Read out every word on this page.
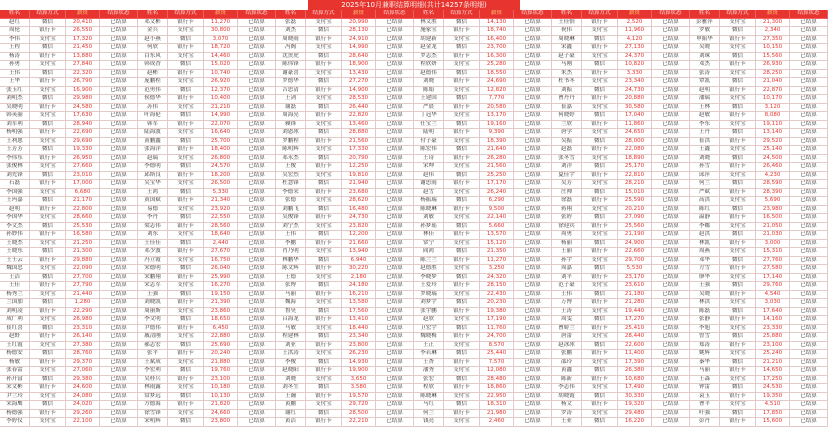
2025年10月兼职结算明细(共计14257条明细)
姓名	结算方式	薪资	结算状态
赵红	微信	20,410	已结算
周伦	银行卡	26,550	已结算
李伟	支付宝	17,320	已结算
王程	微信	21,450	已结算
杨涛	银行卡	13,880	已结算
孙勇	支付宝	27,840	已结算
王伟	微信	22,320	已结算
王华	银行卡	26,790	已结算
张玉红	支付宝	16,900	已结算
刘明杰	微信	29,980	已结算
吴晓明	银行卡	24,580	已结算
韩英丽	支付宝	17,630	已结算
刘军利	微信	28,940	已结算
杨明强	银行卡	22,690	已结算
王利恩	支付宝	29,690	已结算
王芳芳	微信	19,330	已结算
李伟东	银行卡	26,950	已结算
张俊林	支付宝	27,660	已结算
刘先锋	微信	23,010	已结算
石磊	银行卡	17,000	已结算
李国强	支付宝	6,680	已结算
王玛嘉	微信	21,170	已结算
赵明	银行卡	22,800	已结算
李国华	支付宝	28,660	已结算
李文杰	微信	25,530	已结算
孙妙伟	银行卡	16,580	已结算
王晓杰	支付宝	21,250	已结算
王晓东	微信	21,300	已结算
王壬云	银行卡	29,880	已结算
魏国忠	支付宝	22,090	已结算
王洁	微信	27,700	已结算
王佳	银行卡	27,790	已结算
杨秀兰	支付宝	21,440	已结算
兰国加	微信	1,280	已结算
刘明凌	银行卡	22,290	已结算
成广利	支付宝	26,980	已结算
崔红喜	微信	23,310	已结算
赵野	银行卡	26,140	已结算
王红霞	支付宝	27,380	已结算
杨德安	微信	28,760	已结算
杨敏	银行卡	29,370	已结算
张春雷	支付宝	27,060	已结算
孙开富	微信	29,380	已结算
宋文彬	银行卡	24,600	已结算
尹兰玲	支付宝	24,080	已结算
宋海鹰	微信	24,020	已结算
杨德强	银行卡	29,260	已结算
李婷仪	支付宝	22,100	已结算
姓名	结算方式	薪资	结算状态
邓文彬	银行卡	11,270	已结算
金兵	支付宝	30,800	已结算
赵小燕	微信	3,070	已结算
何欣	银行卡	18,720	已结算
白东风	支付宝	14,460	已结算
韩成香	微信	15,020	已结算
赵彬	银行卡	10,740	已结算
庞鹏程	支付宝	26,920	已结算
范勇伟	微信	12,370	已结算
侯德华	银行卡	10,400	已结算
苏伟	支付宝	21,210	已结算
叶海伦	微信	14,990	已结算
韩军	银行卡	22,070	已结算
陆海波	支付宝	16,640	已结算
黄鹏鑫	微信	25,700	已结算
张海洋	银行卡	18,400	已结算
赵瑞	支付宝	26,800	已结算
李德明	微信	24,570	已结算
邱斯良	银行卡	18,200	已结算
吴宝华	支付宝	26,500	已结算
王鸿	微信	5,330	已结算
黄国斌	银行卡	21,340	已结算
易德	支付宝	23,920	已结算
李丹	微信	22,550	已结算
梁志伟	银行卡	28,560	已结算
刘东	支付宝	18,640	已结算
王佳佳	微信	2,440	已结算
邓少波	银行卡	27,670	已结算
冯立霞	支付宝	16,750	已结算
宋德明	微信	26,040	已结算
宋鹏翔	银行卡	25,990	已结算
宋志军	支付宝	16,270	已结算
王强	微信	19,150	已结算
刘晓凯	银行卡	21,390	已结算
周丽斯	支付宝	23,860	已结算
李文明	微信	18,650	已结算
尹德伟	银行卡	6,450	已结算
戚清刚	支付宝	22,880	已结算
郝志宏	微信	25,690	已结算
张平	银行卡	20,240	已结算
王斌成	支付宝	21,880	已结算
李宏利	微信	19,760	已结算
吴桂兵	银行卡	23,100	已结算
林雨露	支付宝	10,180	已结算
常梦远	微信	10,130	已结算
方德海	银行卡	21,820	已结算
徐雪锋	支付宝	24,660	已结算
宋明辉	微信	23,800	已结算
姓名	结算方式	薪资	结算状态
张磊	支付宝	20,990	已结算
刘杰	微信	28,130	已结算
周晓雨	银行卡	24,910	已结算
冯阁	支付宝	14,990	已结算
沈贵虎	微信	28,640	已结算
陈伟锋	银行卡	18,900	已结算
谢豪喜	支付宝	13,430	已结算
罗德华	微信	27,270	已结算
吉思清	银行卡	14,900	已结算
王剑	支付宝	28,530	已结算
谢磊	微信	26,440	已结算
周海亮	银行卡	22,820	已结算
赖锋	支付宝	13,460	已结算
刘恩冰	微信	28,880	已结算
罗鹏程	银行卡	21,560	已结算
陈明辉	支付宝	17,330	已结算
邓永杰	微信	20,790	已结算
王俊	银行卡	12,250	已结算
吴宏烈	支付宝	19,810	已结算
杜慧锋	微信	21,940	已结算
李德荣	银行卡	23,680	已结算
张德	支付宝	28,620	已结算
刘鹏飞	微信	16,480	已结算
吴俊锋	银行卡	24,730	已结算
刘宁杰	支付宝	23,820	已结算
王伟	微信	12,200	已结算
李鹏	银行卡	21,660	已结算
肖乃明	支付宝	13,940	已结算
林鹏华	微信	6,940	已结算
陈文辉	银行卡	30,220	已结算
王德	支付宝	2,180	已结算
张博	微信	24,180	已结算
马丽	银行卡	16,210	已结算
魏海	支付宝	13,580	已结算
鲁昊	微信	17,560	已结算
吕海龙	银行卡	13,410	已结算
马敏	支付宝	18,440	已结算
程建林	微信	23,340	已结算
刘亚	银行卡	23,800	已结算
王洪涛	支付宝	26,230	已结算
李俊	微信	14,930	已结算
赵晓阳	银行卡	19,900	已结算
刘晓	支付宝	3,650	已结算
刘冬生	微信	3,580	已结算
王瀚	银行卡	19,570	已结算
黄鹏	支付宝	29,720	已结算
谢红	微信	28,500	已结算
黄洁	银行卡	22,210	已结算
姓名	结算方式	薪资	结算状态
林文胜	微信	14,130	已结算
施家宝	银行卡	18,740	已结算
胡建新	支付宝	16,400	已结算
赵金龙	微信	23,700	已结算
罗志杰	银行卡	16,300	已结算
程欣妍	支付宝	25,280	已结算
赵德伟	微信	18,550	已结算
刘晓	银行卡	24,690	已结算
陈娟	支付宝	12,820	已结算
王建国	微信	7,770	已结算
严晨	银行卡	20,580	已结算
丁冠华	支付宝	13,170	已结算
任宝兰	微信	19,160	已结算
陆明	银行卡	9,390	已结算
付子豪	支付宝	18,390	已结算
陈宏伟	微信	21,640	已结算
王诗	银行卡	26,280	已结算
宋坤	支付宝	21,560	已结算
赵伟	微信	25,250	已结算
谢思雨	银行卡	17,170	已结算
赵雪	支付宝	26,240	已结算
杨振瑞	微信	6,290	已结算
陈晓琳	银行卡	9,500	已结算
刘敏	支付宝	22,140	已结算
孙梦瑶	微信	5,660	已结算
林佳	银行卡	13,570	已结算
常宁	支付宝	15,120	已结算
阎鸿	微信	21,350	已结算
陈兰兰	银行卡	11,270	已结算
赵德胜	支付宝	3,250	已结算
李晓梦	微信	24,320	已结算
王爱玲	银行卡	28,150	已结算
罗晓瑞	支付宝	22,430	已结算
刘梦宇	微信	20,230	已结算
张宇鹏	银行卡	19,380	已结算
赵欣	支付宝	17,190	已结算
卫宏宇	微信	11,760	已结算
魏晓梅	银行卡	24,700	已结算
王正	支付宝	8,570	已结算
李若琳	微信	25,440	已结算
王杏	银行卡	7,570	已结算
潘秀	支付宝	12,080	已结算
张宏	微信	28,480	已结算
程欣	银行卡	18,860	已结算
陈晓琳	支付宝	22,950	已结算
马红	微信	18,310	已结算
何兰	银行卡	21,980	已结算
钱亮	支付宝	2,460	已结算
姓名	结算方式	薪资	结算状态
王佳怡	银行卡	2,520	已结算
祝伟	支付宝	11,960	已结算
周晓琳	微信	4,120	已结算
宋鑫	银行卡	27,130	已结算
赵子豪	支付宝	24,370	已结算
马刚	微信	10,820	已结算
朱杰	银行卡	3,330	已结算
杜书冬	支付宝	23,340	已结算
刘振	微信	24,730	已结算
曹丹丹	银行卡	20,880	已结算
崔嘉	支付宝	30,580	已结算
何晓婷	微信	17,040	已结算
兰欣	银行卡	11,860	已结算
唐学	支付宝	24,650	已结算
吴振	微信	28,000	已结算
赵磊	银行卡	22,080	已结算
张冬雪	支付宝	18,890	已结算
刘洋	微信	25,170	已结算
夏佳宇	银行卡	22,810	已结算
吴芳	支付宝	28,210	已结算
庄帅	微信	15,010	已结算
徐磊	银行卡	25,590	已结算
蒋翔	支付宝	20,210	已结算
张婷	微信	27,090	已结算
徐迎宾	银行卡	25,560	已结算
周勇	支付宝	21,190	已结算
杨丽	微信	24,900	已结算
王丽	银行卡	22,660	已结算
孙宇	支付宝	29,700	已结算
周嘉	微信	5,530	已结算
刘平	银行卡	23,170	已结算
范子豪	支付宝	23,610	已结算
王伟	微信	21,180	已结算
万博	银行卡	21,280	已结算
王涛	支付宝	19,440	已结算
周雯	微信	17,270	已结算
曹娇兰	银行卡	25,410	已结算
唐蕾	支付宝	28,440	已结算
赵冰冰	微信	22,600	已结算
张鹏	银行卡	11,400	已结算
邵玲	支付宝	17,390	已结算
黄鑫	微信	26,380	已结算
陈新	银行卡	10,680	已结算
李志伟	支付宝	17,490	已结算
胡晓霞	微信	30,330	已结算
杨文	银行卡	19,320	已结算
罗涛	支付宝	29,480	已结算
王亚	微信	16,220	已结算
姓名	结算方式	薪资	结算状态
彭雅萍	支付宝	21,300	已结算
罗敏	微信	2,340	已结算
申振华	银行卡	27,350	已结算
吴晓	支付宝	10,150	已结算
刘珠	微信	15,560	已结算
邓杰	银行卡	26,930	已结算
张涛	支付宝	28,250	已结算
覃凯	微信	21,040	已结算
赵明	银行卡	22,870	已结算
潘瑞	支付宝	10,170	已结算
王林	微信	3,120	已结算
赵敏	银行卡	8,080	已结算
李东	支付宝	19,110	已结算
王丹	微信	13,140	已结算
崔洪	银行卡	29,520	已结算
王鑫	支付宝	25,140	已结算
刘晓	微信	24,500	已结算
孙雪	银行卡	26,460	已结算
邱萍	支付宝	4,230	已结算
何兰	微信	28,590	已结算
严斌	银行卡	28,390	已结算
高洪	支付宝	5,690	已结算
陈红	微信	23,980	已结算
温静	银行卡	16,500	已结算
李娜	支付宝	21,050	已结算
赵洪	微信	21,030	已结算
林凯	银行卡	3,000	已结算
周燕	支付宝	15,310	已结算
邓华	微信	27,760	已结算
方雪	银行卡	27,580	已结算
廖华	支付宝	17,140	已结算
王强	微信	29,760	已结算
吴晓	银行卡	4,540	已结算
林洪	支付宝	3,030	已结算
陈磊	微信	17,640	已结算
张静	银行卡	14,160	已结算
李旭	支付宝	23,330	已结算
曾雪	微信	25,880	已结算
郑涛	银行卡	23,100	已结算
姚辉	支付宝	25,240	已结算
秦华	微信	21,210	已结算
马丽	银行卡	14,650	已结算
王森	支付宝	17,250	已结算
钟雷	微信	24,530	已结算
袁玉	银行卡	19,350	已结算
曹平	支付宝	4,510	已结算
叶强	微信	17,850	已结算
彭丹	银行卡	15,600	已结算
